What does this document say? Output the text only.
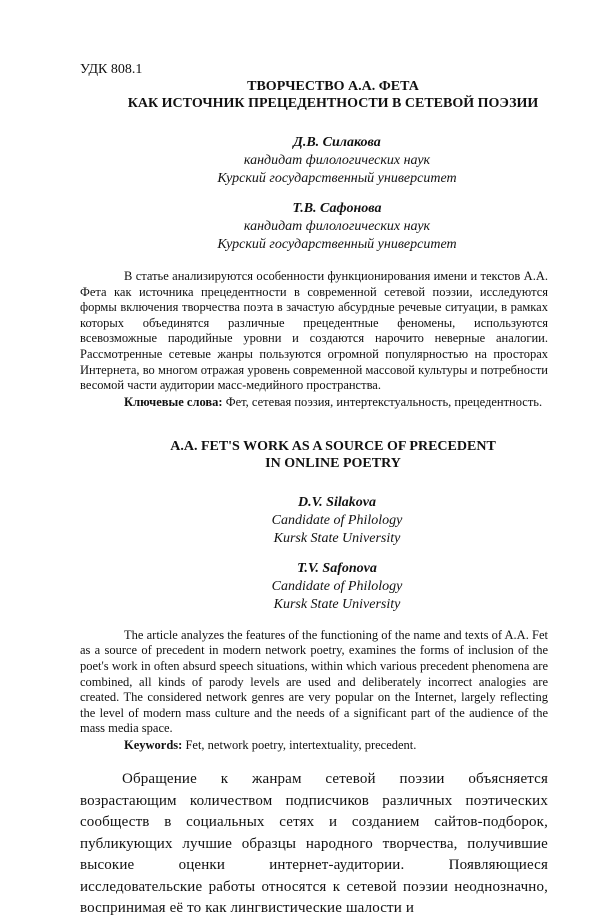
УДК 808.1
ТВОРЧЕСТВО А.А. ФЕТА
КАК ИСТОЧНИК ПРЕЦЕДЕНТНОСТИ В СЕТЕВОЙ ПОЭЗИИ
Д.В. Силакова
кандидат филологических наук
Курский государственный университет
Т.В. Сафонова
кандидат филологических наук
Курский государственный университет

В статье анализируются особенности функционирования имени и текстов А.А. Фета как источника прецедентности в современной сетевой поэзии, исследуются формы включения творчества поэта в зачастую абсурдные речевые ситуации, в рамках которых объединятся различные прецедентные феномены, используются всевозможные пародийные уровни и создаются нарочито неверные аналогии. Рассмотренные сетевые жанры пользуются огромной популярностью на просторах Интернета, во многом отражая уровень современной массовой культуры и потребности весомой части аудитории масс-медийного пространства.

Ключевые слова: Фет, сетевая поэзия, интертекстуальность, прецедентность.
A.A. FET'S WORK AS A SOURCE OF PRECEDENT
IN ONLINE POETRY
D.V. Silakova
Candidate of Philology
Kursk State University
T.V. Safonova
Candidate of Philology
Kursk State University

The article analyzes the features of the functioning of the name and texts of A.A. Fet as a source of precedent in modern network poetry, examines the forms of inclusion of the poet's work in often absurd speech situations, within which various precedent phenomena are combined, all kinds of parody levels are used and deliberately incorrect analogies are created. The considered network genres are very popular on the Internet, largely reflecting the level of modern mass culture and the needs of a significant part of the audience of the mass media space.

Keywords: Fet, network poetry, intertextuality, precedent.

Обращение к жанрам сетевой поэзии объясняется возрастающим количеством подписчиков различных поэтических сообществ в социальных сетях и созданием сайтов-подборок, публикующих лучшие образцы народного творчества, получившие высокие оценки интернет-аудитории. Появляющиеся исследовательские работы относятся к сетевой поэзии неоднозначно, воспринимая её то как лингвистические шалости и
